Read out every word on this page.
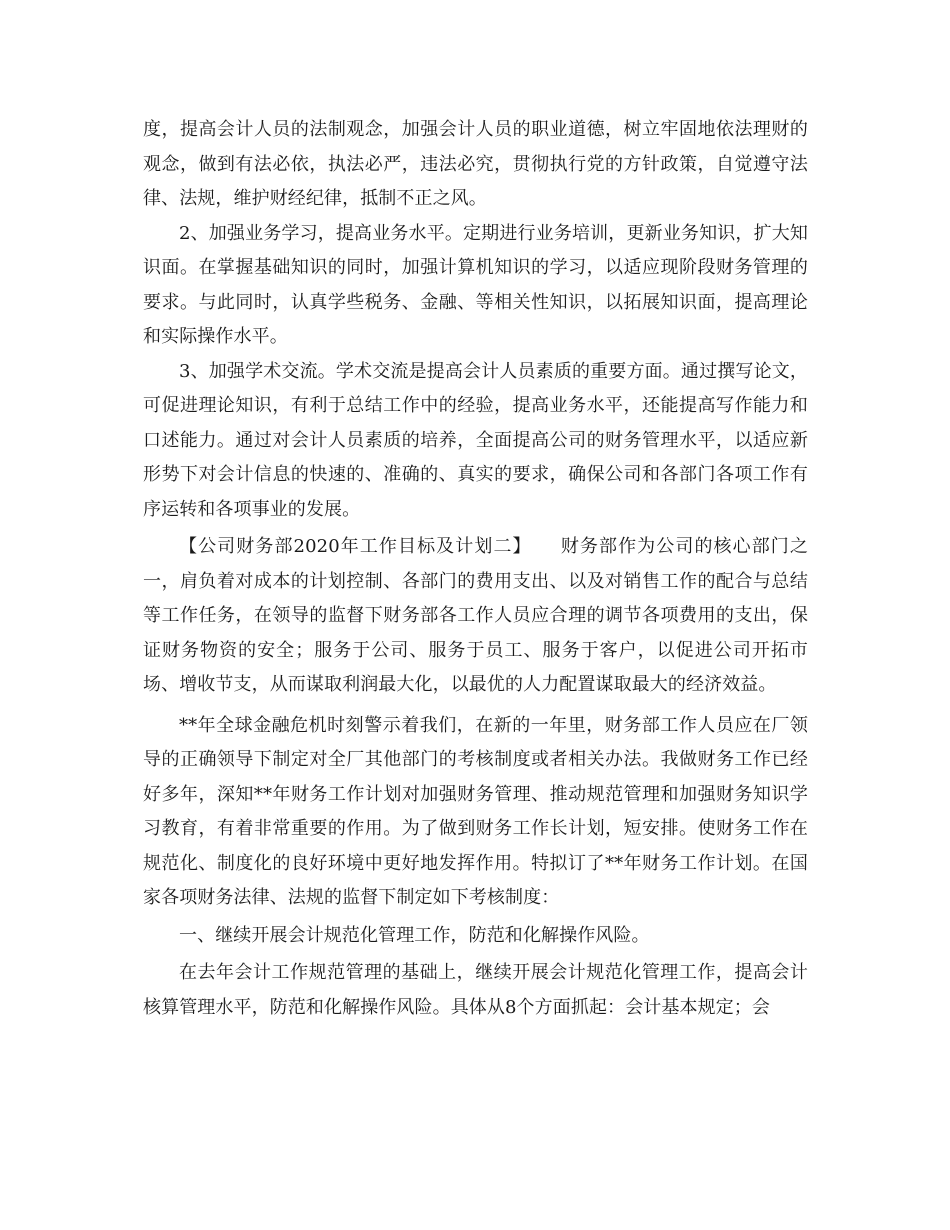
度，提高会计人员的法制观念，加强会计人员的职业道德，树立牢固地依法理财的观念，做到有法必依，执法必严，违法必究，贯彻执行党的方针政策，自觉遵守法律、法规，维护财经纪律，抵制不正之风。

2、加强业务学习，提高业务水平。定期进行业务培训，更新业务知识，扩大知识面。在掌握基础知识的同时，加强计算机知识的学习，以适应现阶段财务管理的要求。与此同时，认真学些税务、金融、等相关性知识，以拓展知识面，提高理论和实际操作水平。

3、加强学术交流。学术交流是提高会计人员素质的重要方面。通过撰写论文，可促进理论知识，有利于总结工作中的经验，提高业务水平，还能提高写作能力和口述能力。通过对会计人员素质的培养，全面提高公司的财务管理水平，以适应新形势下对会计信息的快速的、准确的、真实的要求，确保公司和各部门各项工作有序运转和各项事业的发展。

【公司财务部2020年工作目标及计划二】　　财务部作为公司的核心部门之一，肩负着对成本的计划控制、各部门的费用支出、以及对销售工作的配合与总结等工作任务，在领导的监督下财务部各工作人员应合理的调节各项费用的支出，保证财务物资的安全；服务于公司、服务于员工、服务于客户，以促进公司开拓市场、增收节支，从而谋取利润最大化，以最优的人力配置谋取最大的经济效益。

**年全球金融危机时刻警示着我们，在新的一年里，财务部工作人员应在厂领导的正确领导下制定对全厂其他部门的考核制度或者相关办法。我做财务工作已经好多年，深知**年财务工作计划对加强财务管理、推动规范管理和加强财务知识学习教育，有着非常重要的作用。为了做到财务工作长计划，短安排。使财务工作在规范化、制度化的良好环境中更好地发挥作用。特拟订了**年财务工作计划。在国家各项财务法律、法规的监督下制定如下考核制度：

一、继续开展会计规范化管理工作，防范和化解操作风险。

在去年会计工作规范管理的基础上，继续开展会计规范化管理工作，提高会计核算管理水平，防范和化解操作风险。具体从8个方面抓起：会计基本规定；会
